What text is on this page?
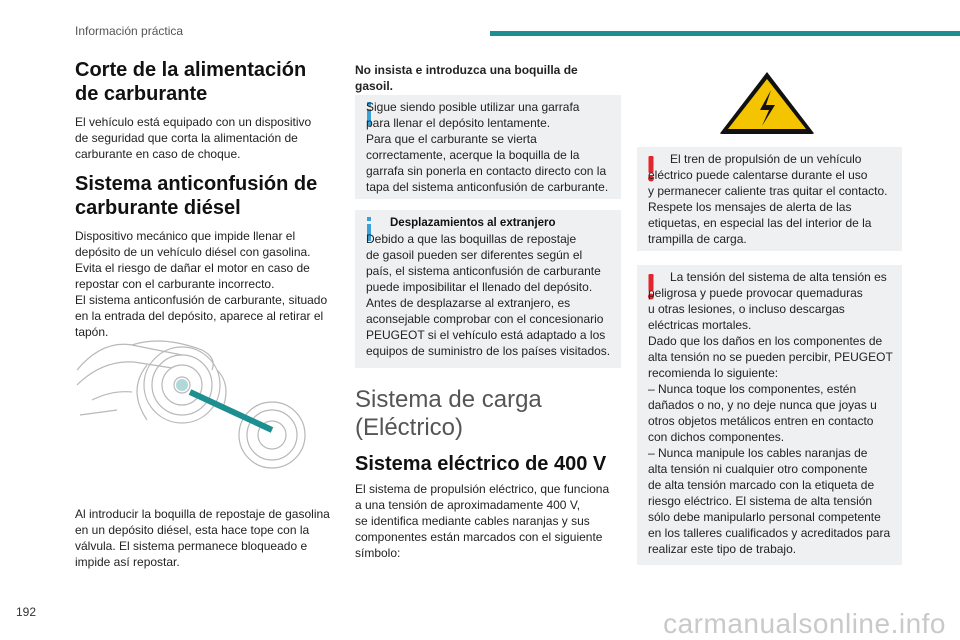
Información práctica
Corte de la alimentación de carburante

El vehículo está equipado con un dispositivo
de seguridad que corta la alimentación de
carburante en caso de choque.

Sistema anticonfusión de carburante diésel

Dispositivo mecánico que impide llenar el
depósito de un vehículo diésel con gasolina.
Evita el riesgo de dañar el motor en caso de
repostar con el carburante incorrecto.
El sistema anticonfusión de carburante, situado
en la entrada del depósito, aparece al retirar el
tapón.

Al introducir la boquilla de repostaje de gasolina
en un depósito diésel, esta hace tope con la
válvula. El sistema permanece bloqueado e
impide así repostar.

No insista e introduzca una boquilla de
gasoil.

Sigue siendo posible utilizar una garrafa
para llenar el depósito lentamente.
Para que el carburante se vierta
correctamente, acerque la boquilla de la
garrafa sin ponerla en contacto directo con la
tapa del sistema anticonfusión de carburante.

Desplazamientos al extranjero

Debido a que las boquillas de repostaje
de gasoil pueden ser diferentes según el
país, el sistema anticonfusión de carburante
puede imposibilitar el llenado del depósito.
Antes de desplazarse al extranjero, es
aconsejable comprobar con el concesionario
PEUGEOT si el vehículo está adaptado a los
equipos de suministro de los países visitados.

Sistema de carga
(Eléctrico)
Sistema eléctrico de 400 V

El sistema de propulsión eléctrico, que funciona
a una tensión de aproximadamente 400 V,
se identifica mediante cables naranjas y sus
componentes están marcados con el siguiente
símbolo:

El tren de propulsión de un vehículo
eléctrico puede calentarse durante el uso
y permanecer caliente tras quitar el contacto.
Respete los mensajes de alerta de las
etiquetas, en especial las del interior de la
trampilla de carga.

La tensión del sistema de alta tensión es
peligrosa y puede provocar quemaduras
u otras lesiones, o incluso descargas
eléctricas mortales.
Dado que los daños en los componentes de
alta tensión no se pueden percibir, PEUGEOT
recomienda lo siguiente:
– Nunca toque los componentes, estén
dañados o no, y no deje nunca que joyas u
otros objetos metálicos entren en contacto
con dichos componentes.
– Nunca manipule los cables naranjas de
alta tensión ni cualquier otro componente
de alta tensión marcado con la etiqueta de
riesgo eléctrico. El sistema de alta tensión
sólo debe manipularlo personal competente
en los talleres cualificados y acreditados para
realizar este tipo de trabajo.

192	carmanualsonline.info
